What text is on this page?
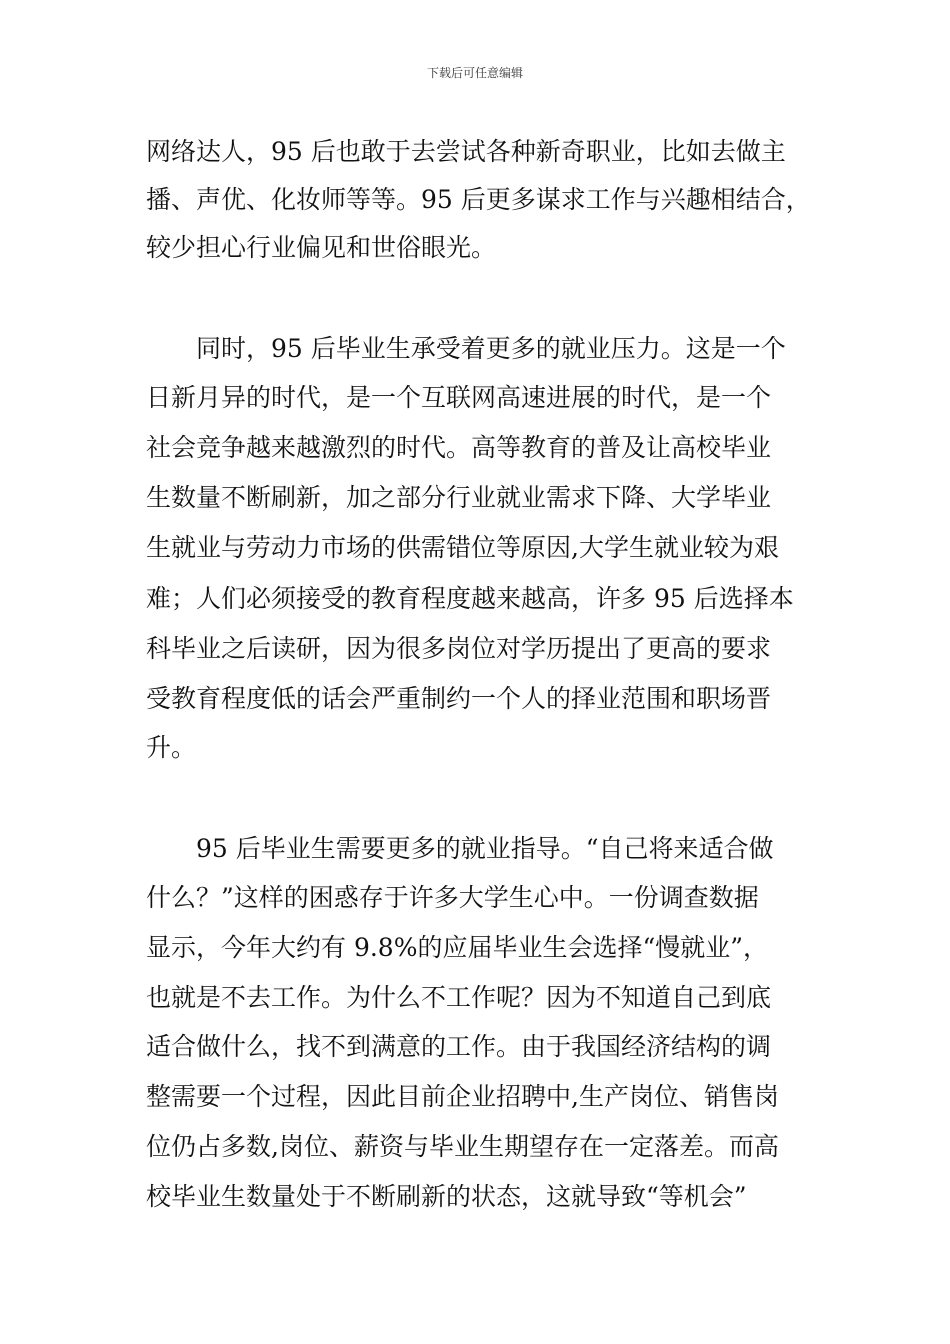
下载后可任意编辑
网络达人，95 后也敢于去尝试各种新奇职业，比如去做主
播、声优、化妆师等等。95 后更多谋求工作与兴趣相结合，
较少担心行业偏见和世俗眼光。
同时，95 后毕业生承受着更多的就业压力。这是一个
日新月异的时代，是一个互联网高速进展的时代，是一个
社会竞争越来越激烈的时代。高等教育的普及让高校毕业
生数量不断刷新，加之部分行业就业需求下降、大学毕业
生就业与劳动力市场的供需错位等原因,大学生就业较为艰
难；人们必须接受的教育程度越来越高，许多 95 后选择本
科毕业之后读研，因为很多岗位对学历提出了更高的要求
受教育程度低的话会严重制约一个人的择业范围和职场晋
升。
95 后毕业生需要更多的就业指导。“自己将来适合做
什么？”这样的困惑存于许多大学生心中。一份调查数据
显示，今年大约有 9.8%的应届毕业生会选择“慢就业”，
也就是不去工作。为什么不工作呢？因为不知道自己到底
适合做什么，找不到满意的工作。由于我国经济结构的调
整需要一个过程，因此目前企业招聘中,生产岗位、销售岗
位仍占多数,岗位、薪资与毕业生期望存在一定落差。而高
校毕业生数量处于不断刷新的状态，这就导致“等机会”
